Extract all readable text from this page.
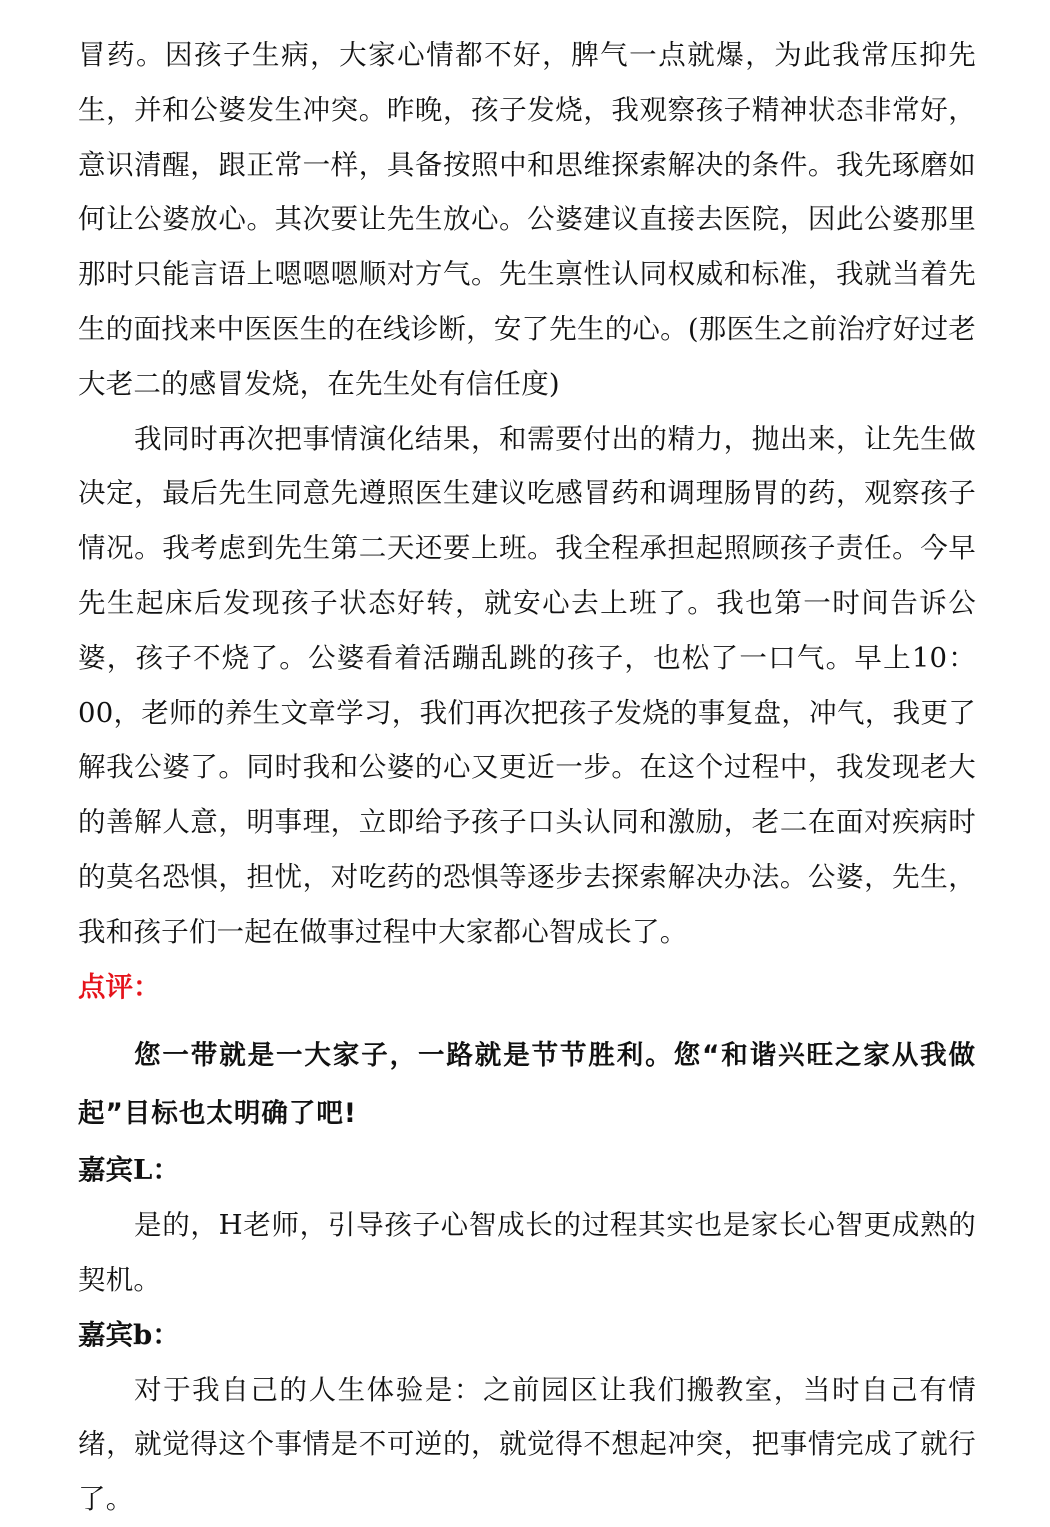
冒药。因孩子生病，大家心情都不好，脾气一点就爆，为此我常压抑先生，并和公婆发生冲突。昨晚，孩子发烧，我观察孩子精神状态非常好，意识清醒，跟正常一样，具备按照中和思维探索解决的条件。我先琢磨如何让公婆放心。其次要让先生放心。公婆建议直接去医院，因此公婆那里那时只能言语上嗯嗯嗯顺对方气。先生禀性认同权威和标准，我就当着先生的面找来中医医生的在线诊断，安了先生的心。(那医生之前治疗好过老大老二的感冒发烧，在先生处有信任度)

我同时再次把事情演化结果，和需要付出的精力，抛出来，让先生做决定，最后先生同意先遵照医生建议吃感冒药和调理肠胃的药，观察孩子情况。我考虑到先生第二天还要上班。我全程承担起照顾孩子责任。今早先生起床后发现孩子状态好转，就安心去上班了。我也第一时间告诉公婆，孩子不烧了。公婆看着活蹦乱跳的孩子，也松了一口气。早上10：00，老师的养生文章学习，我们再次把孩子发烧的事复盘，冲气，我更了解我公婆了。同时我和公婆的心又更近一步。在这个过程中，我发现老大的善解人意，明事理，立即给予孩子口头认同和激励，老二在面对疾病时的莫名恐惧，担忧，对吃药的恐惧等逐步去探索解决办法。公婆，先生，我和孩子们一起在做事过程中大家都心智成长了。

点评：

您一带就是一大家子，一路就是节节胜利。您“和谐兴旺之家从我做起”目标也太明确了吧!

嘉宾L：

是的，H老师，引导孩子心智成长的过程其实也是家长心智更成熟的契机。

嘉宾b：

对于我自己的人生体验是：之前园区让我们搬教室，当时自己有情绪，就觉得这个事情是不可逆的，就觉得不想起冲突，把事情完成了就行了。
